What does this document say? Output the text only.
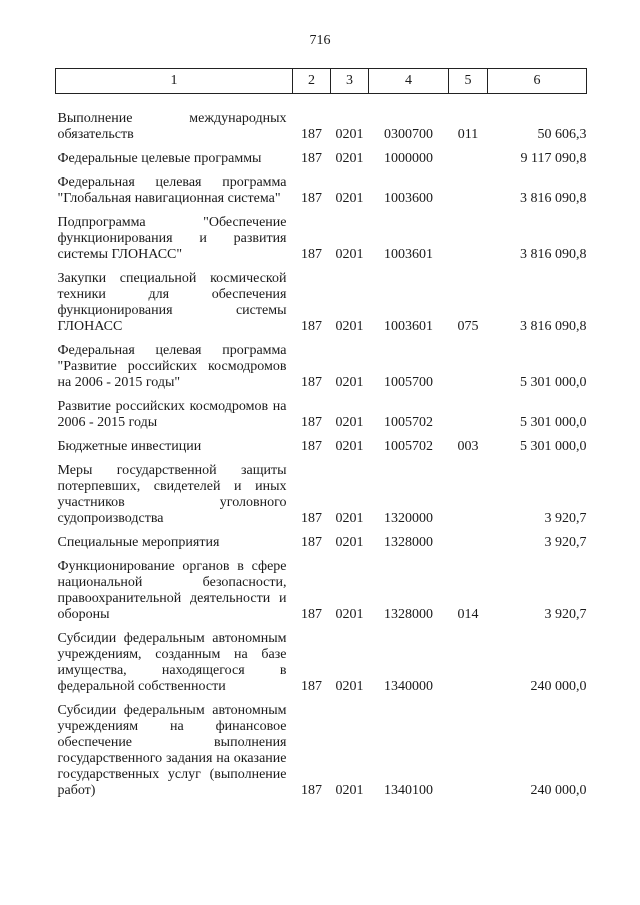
716
1	2	3	4	5	6

Выполнение международных обязательств	187	0201	0300700	011	50 606,3
Федеральные целевые программы	187	0201	1000000		9 117 090,8
Федеральная целевая программа "Глобальная навигационная система"	187	0201	1003600		3 816 090,8
Подпрограмма "Обеспечение функционирования и развития системы ГЛОНАСС"	187	0201	1003601		3 816 090,8
Закупки специальной космической техники для обеспечения функционирования системы ГЛОНАСС	187	0201	1003601	075	3 816 090,8
Федеральная целевая программа "Развитие российских космодромов на 2006 - 2015 годы"	187	0201	1005700		5 301 000,0
Развитие российских космодромов на 2006 - 2015 годы	187	0201	1005702		5 301 000,0
Бюджетные инвестиции	187	0201	1005702	003	5 301 000,0
Меры государственной защиты потерпевших, свидетелей и иных участников уголовного судопроизводства	187	0201	1320000		3 920,7
Специальные мероприятия	187	0201	1328000		3 920,7
Функционирование органов в сфере национальной безопасности, правоохранительной деятельности и обороны	187	0201	1328000	014	3 920,7
Субсидии федеральным автономным учреждениям, созданным на базе имущества, находящегося в федеральной собственности	187	0201	1340000		240 000,0
Субсидии федеральным автономным учреждениям на финансовое обеспечение выполнения государственного задания на оказание государственных услуг (выполнение работ)	187	0201	1340100		240 000,0
